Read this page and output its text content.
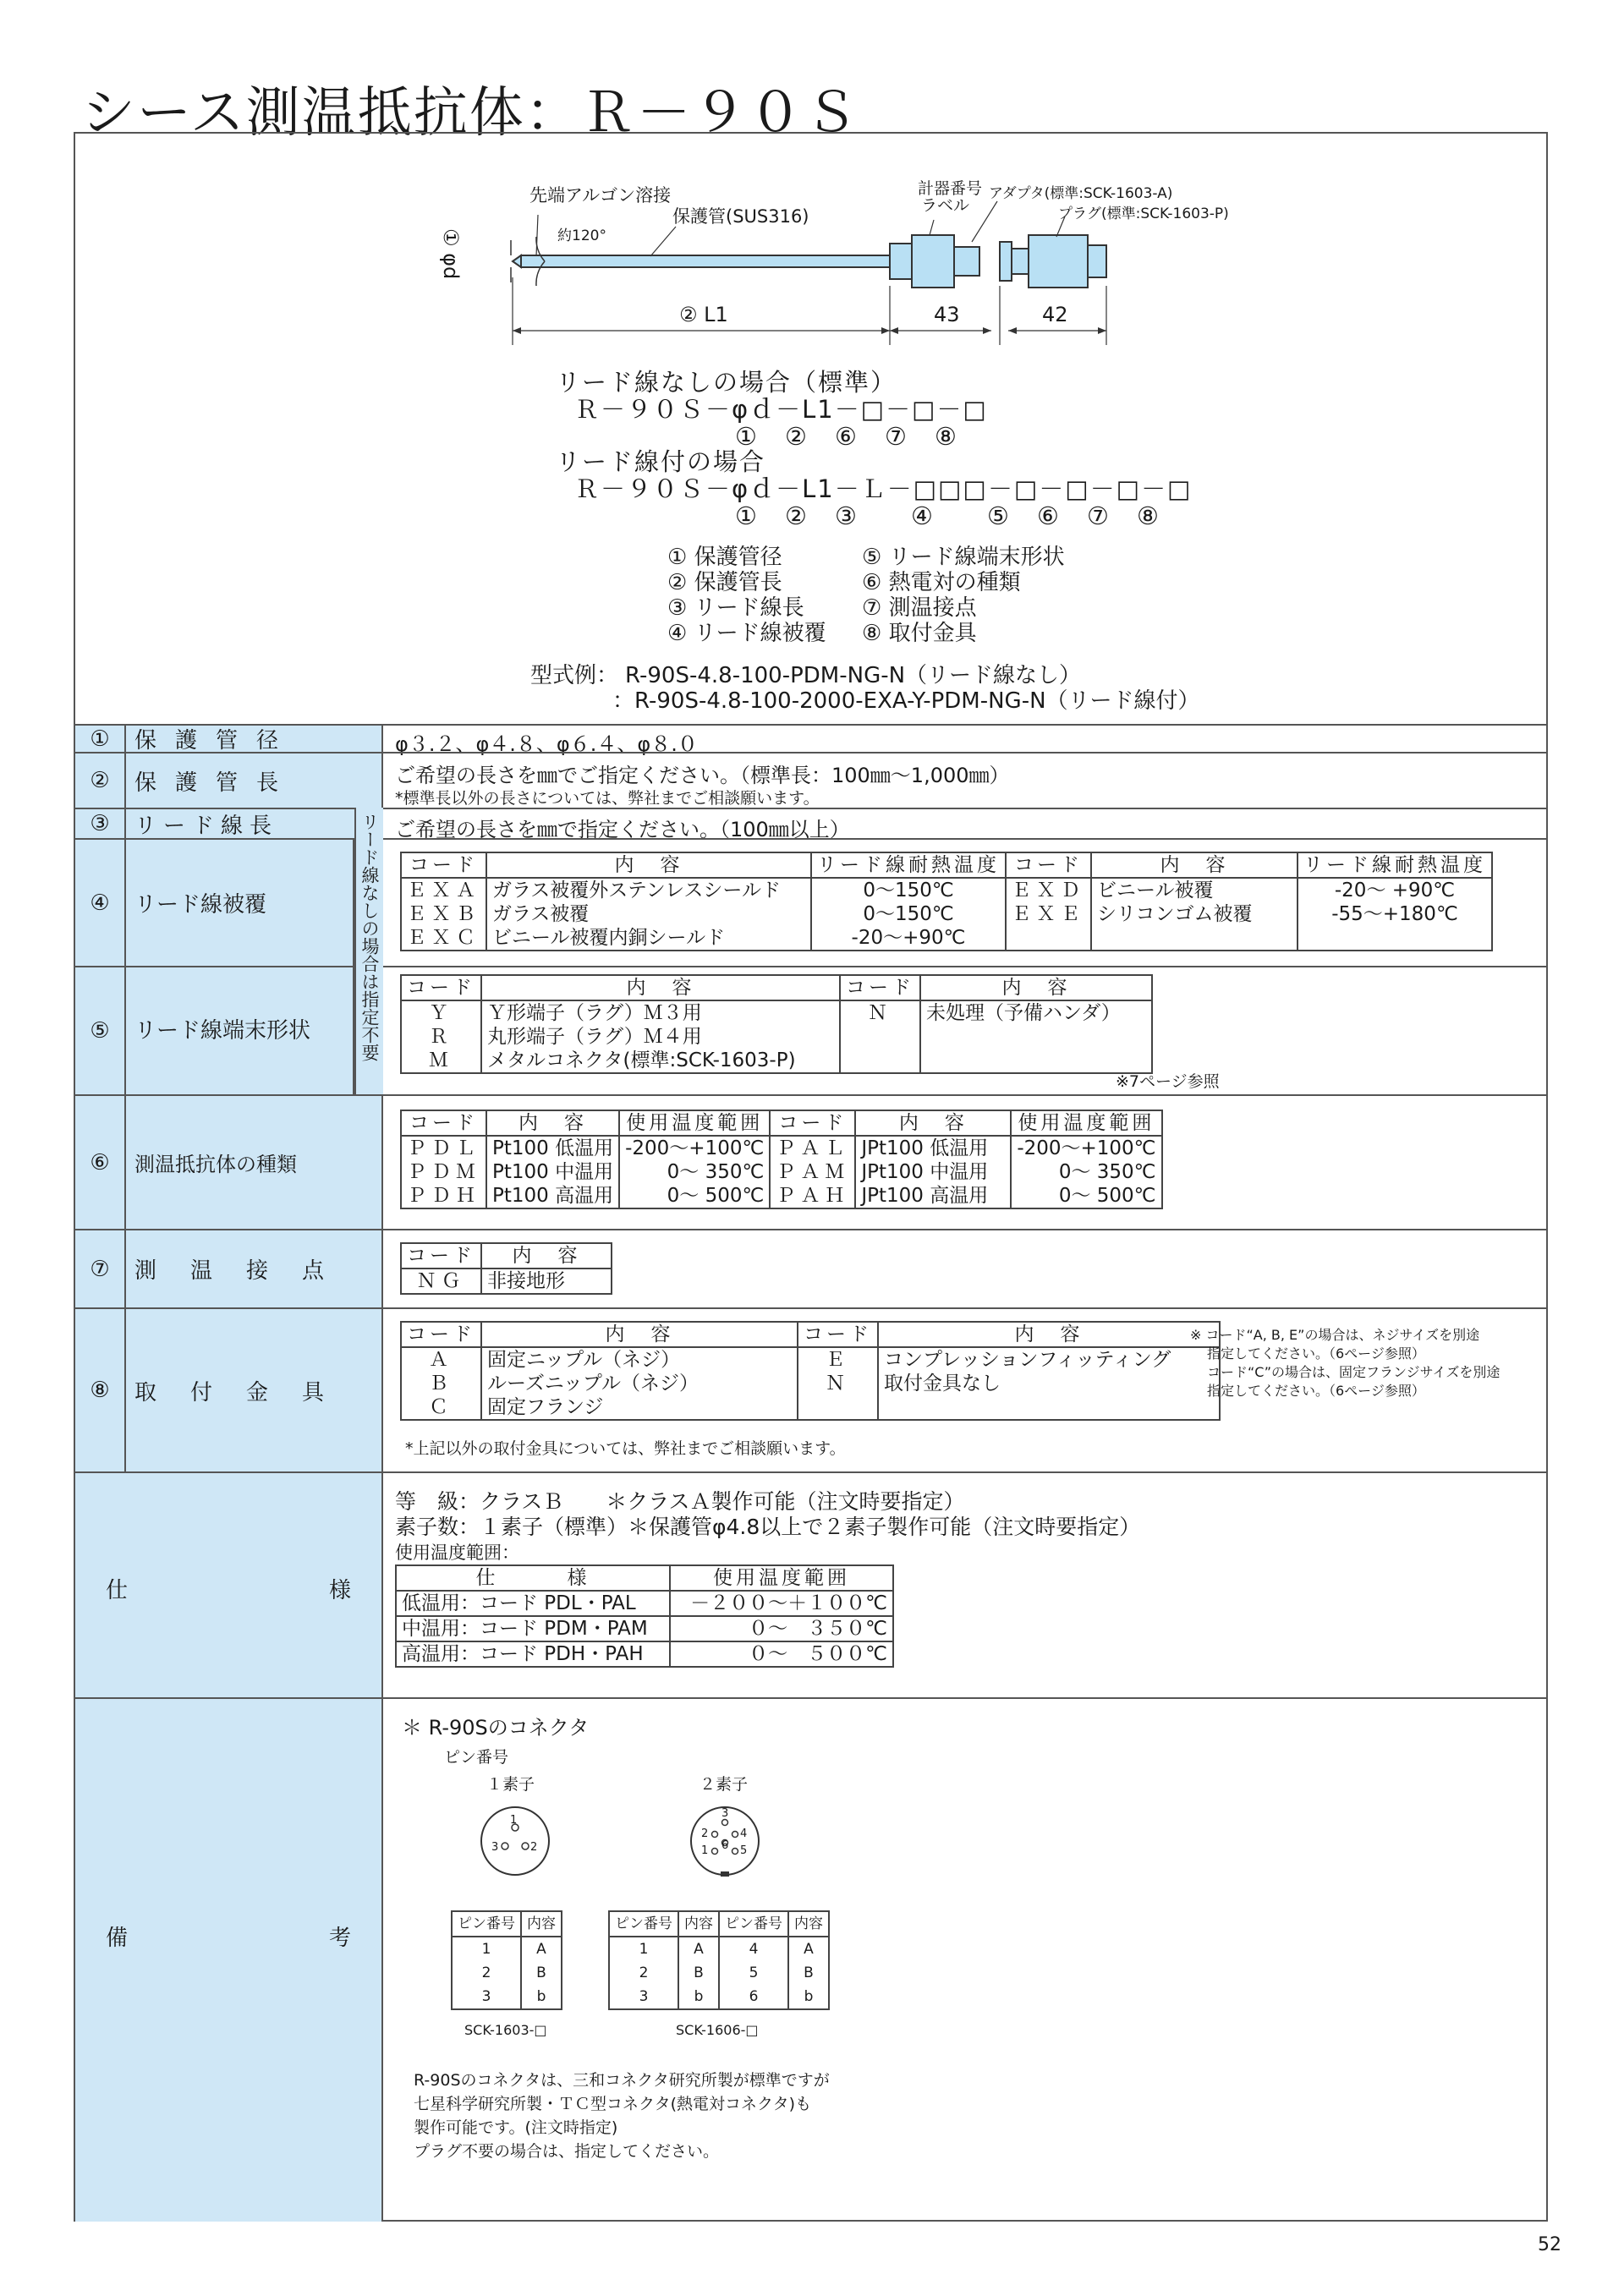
シース測温抵抗体：Ｒ－９０Ｓ
先端アルゴン溶接
保護管(SUS316)
約120°
① φd
計器番号
ラベル
アダプタ(標準:SCK-1603-A)
プラグ(標準:SCK-1603-P)
② L1	43	42
リード線なしの場合（標準）
Ｒ－９０Ｓ－φｄ－L1－□－□－□
①　②　⑥　⑦　⑧
リード線付の場合
Ｒ－９０Ｓ－φｄ－L1－Ｌ－□□□－□－□－□－□
①　②　③　　④　　⑤　⑥　⑦　⑧
① 保護管径
② 保護管長
③ リード線長
④ リード線被覆
⑤ リード線端末形状
⑥ 熱電対の種類
⑦ 測温接点
⑧ 取付金具
型式例： R-90S-4.8-100-PDM-NG-N（リード線なし）
：R-90S-4.8-100-2000-EXA-Y-PDM-NG-N（リード線付）
①	保護管径	φ３.２、φ４.８、φ６.４、φ８.０
②	保護管長	ご希望の長さを㎜でご指定ください。（標準長：100㎜～1,000㎜）
*標準長以外の長さについては、弊社までご相談願います。
③	リード線長	ご希望の長さを㎜で指定ください。（100㎜以上）
④	リード線被覆
コード	内　容	リード線耐熱温度	コード	内　容	リード線耐熱温度
ＥＸＡ	ガラス被覆外ステンレスシールド	0～150℃	ＥＸＤ	ビニール被覆	-20～ +90℃
ＥＸＢ	ガラス被覆	0～150℃	ＥＸＥ	シリコンゴム被覆	-55～+180℃
ＥＸＣ	ビニール被覆内銅シールド	-20～+90℃			
⑤	リード線端末形状
コード	内　容	コード	内　容
Ｙ	Ｙ形端子（ラグ）Ｍ３用	Ｎ	未処理（予備ハンダ）
Ｒ	丸形端子（ラグ）Ｍ４用		
Ｍ	メタルコネクタ(標準:SCK-1603-P)		
※7ページ参照
リード線なしの場合は指定不要
⑥	測温抵抗体の種類
コード	内　容	使用温度範囲	コード	内　容	使用温度範囲
ＰＤＬ	Pt100 低温用	-200～+100℃	ＰＡＬ	JPt100 低温用	-200～+100℃
ＰＤＭ	Pt100 中温用	0～ 350℃	ＰＡＭ	JPt100 中温用	0～ 350℃
ＰＤＨ	Pt100 高温用	0～ 500℃	ＰＡＨ	JPt100 高温用	0～ 500℃
⑦	測温接点
コード	内　容
ＮＧ	非接地形
⑧	取付金具
コード	内　容	コード	内　容
Ａ	固定ニップル（ネジ）	Ｅ	コンプレッションフィッティング
Ｂ	ルーズニップル（ネジ）	Ｎ	取付金具なし
Ｃ	固定フランジ		
※ コード“A, B, E”の場合は、ネジサイズを別途
指定してください。（6ページ参照）
コード“C”の場合は、固定フランジサイズを別途
指定してください。（6ページ参照）
*上記以外の取付金具については、弊社までご相談願います。
仕	様
等　級：クラスＢ　　＊クラスＡ製作可能（注文時要指定）
素子数：１素子（標準）＊保護管φ4.8以上で２素子製作可能（注文時要指定）
使用温度範囲：
仕　　　様	使用温度範囲
低温用：コード PDL・PAL	－２００～＋１００℃
中温用：コード PDM・PAM	０～　３５０℃
高温用：コード PDH・PAH	０～　５００℃
備	考
＊ R-90Sのコネクタ
ピン番号
１素子	２素子
1
3	2
3
2	4
1 6 5
ピン番号	内容
1	A
2	B
3	b
SCK-1603-□
ピン番号	内容	ピン番号	内容
1	A	4	A
2	B	5	B
3	b	6	b
SCK-1606-□
R-90Sのコネクタは、三和コネクタ研究所製が標準ですが
七星科学研究所製・ＴＣ型コネクタ(熱電対コネクタ)も
製作可能です。(注文時指定)
プラグ不要の場合は、指定してください。
52
